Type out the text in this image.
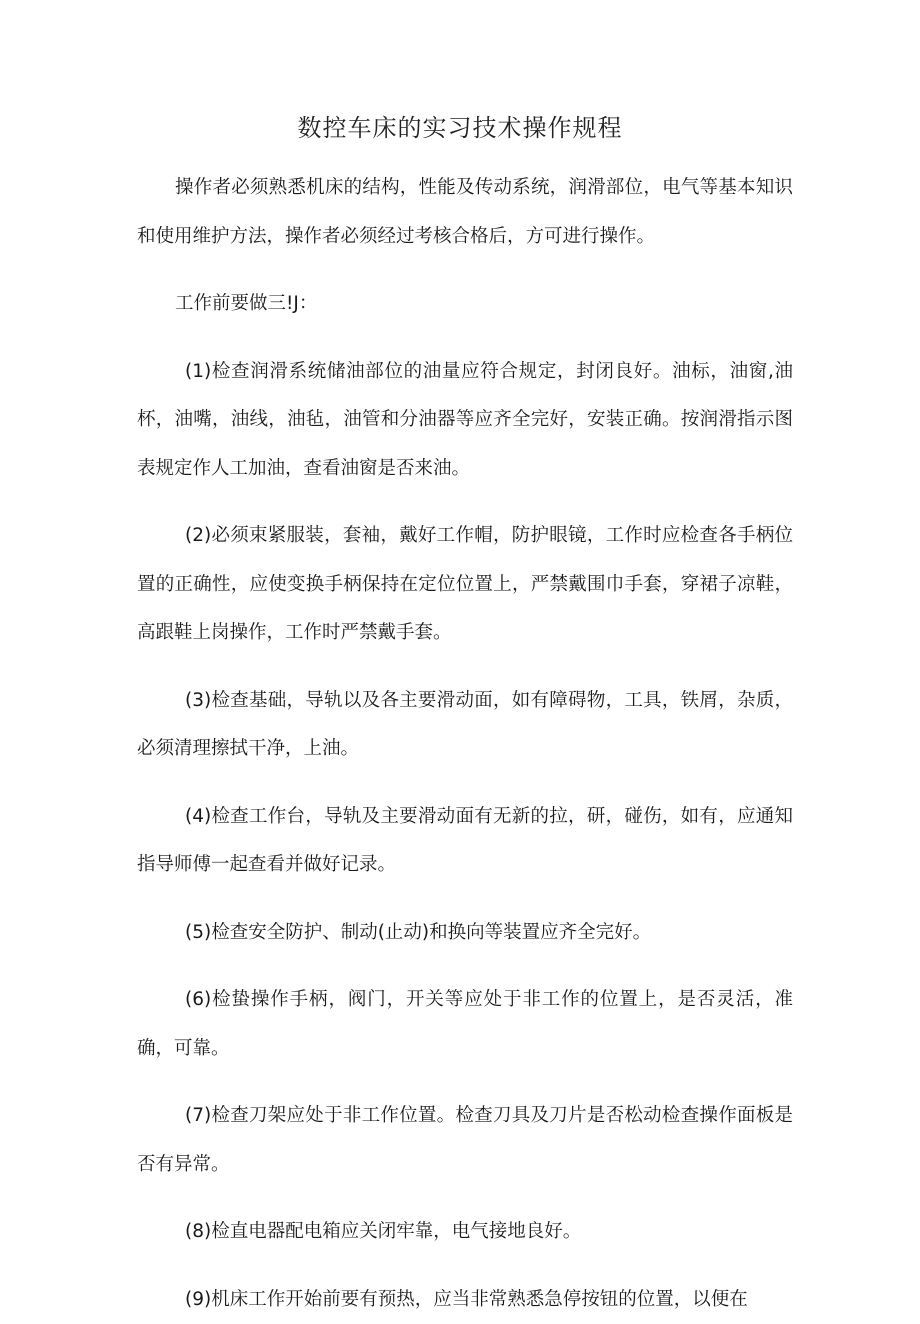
数控车床的实习技术操作规程

操作者必须熟悉机床的结构，性能及传动系统，润滑部位，电气等基本知识和使用维护方法，操作者必须经过考核合格后，方可进行操作。

工作前要做三!J：

(1)检查润滑系统储油部位的油量应符合规定，封闭良好。油标，油窗,油杯，油嘴，油线，油毡，油管和分油器等应齐全完好，安装正确。按润滑指示图表规定作人工加油，查看油窗是否来油。

(2)必须束紧服装，套袖，戴好工作帽，防护眼镜，工作时应检查各手柄位置的正确性，应使变换手柄保持在定位位置上，严禁戴围巾手套，穿裙子凉鞋，高跟鞋上岗操作，工作时严禁戴手套。

(3)检查基础，导轨以及各主要滑动面，如有障碍物，工具，铁屑，杂质，必须清理擦拭干净，上油。

(4)检查工作台，导轨及主要滑动面有无新的拉，研，碰伤，如有，应通知指导师傅一起查看并做好记录。

(5)检查安全防护、制动(止动)和换向等装置应齐全完好。

(6)检蛰操作手柄，阀门，开关等应处于非工作的位置上，是否灵活，准确，可靠。

(7)检查刀架应处于非工作位置。检查刀具及刀片是否松动检查操作面板是否有异常。

(8)检直电器配电箱应关闭牢靠，电气接地良好。

(9)机床工作开始前要有预热，应当非常熟悉急停按钮的位置，以便在
